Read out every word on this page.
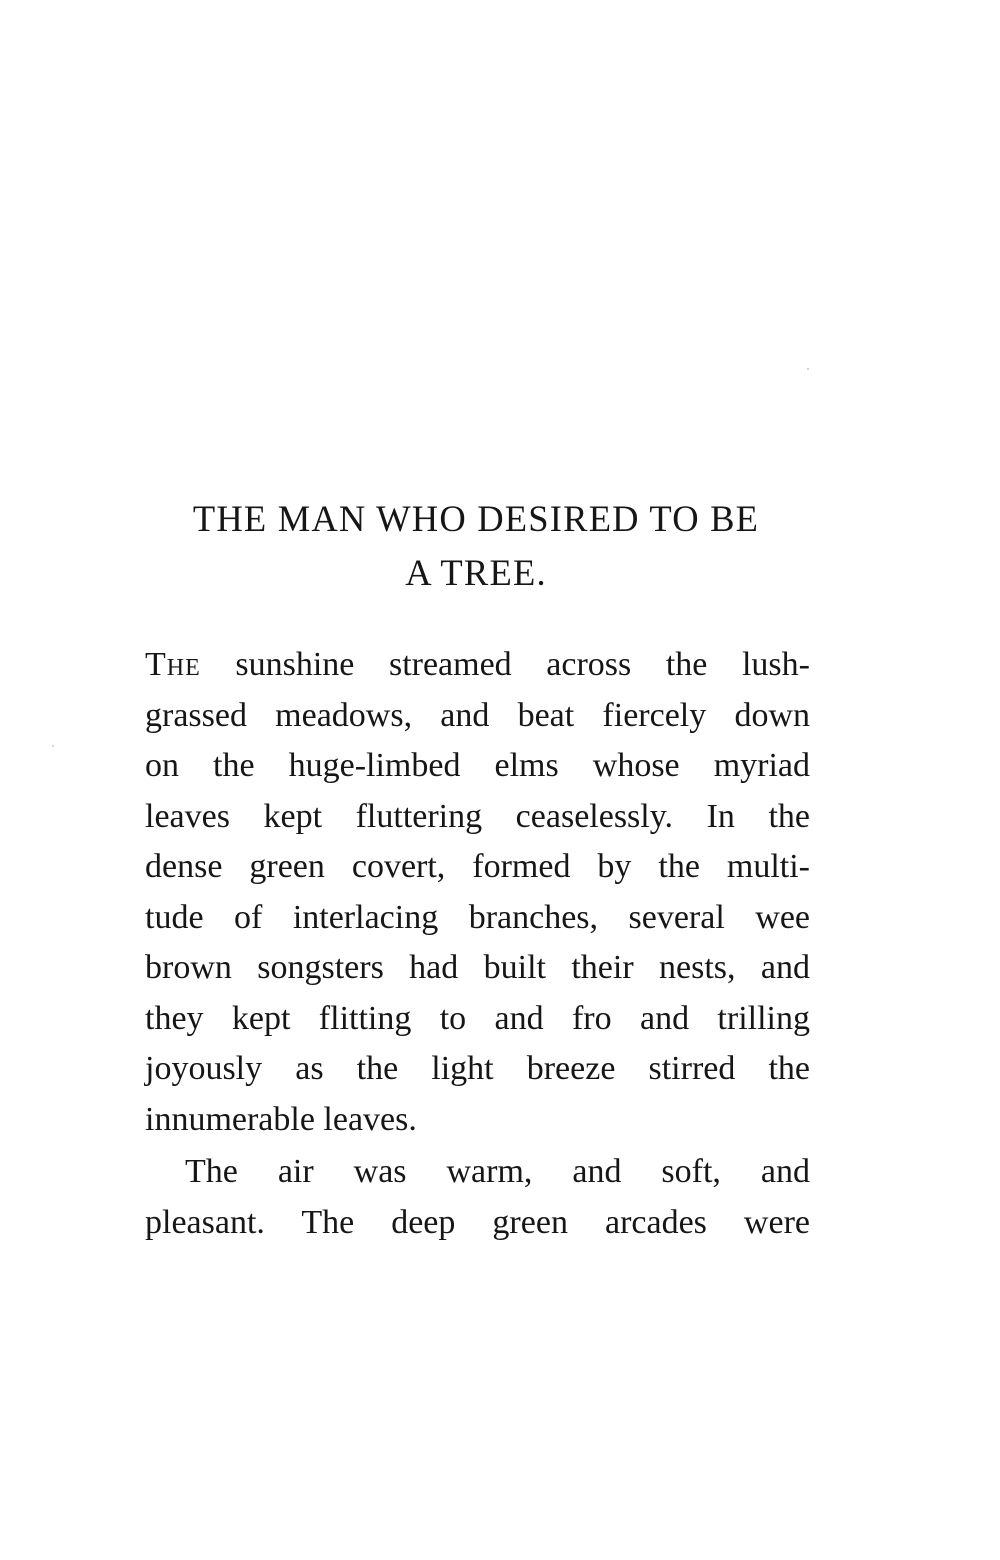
THE MAN WHO DESIRED TO BE
A TREE.
The sunshine streamed across the lush-
grassed meadows, and beat fiercely down
on the huge-limbed elms whose myriad
leaves kept fluttering ceaselessly. In the
dense green covert, formed by the multi-
tude of interlacing branches, several wee
brown songsters had built their nests, and
they kept flitting to and fro and trilling
joyously as the light breeze stirred the
innumerable leaves.
The air was warm, and soft, and
pleasant. The deep green arcades were
